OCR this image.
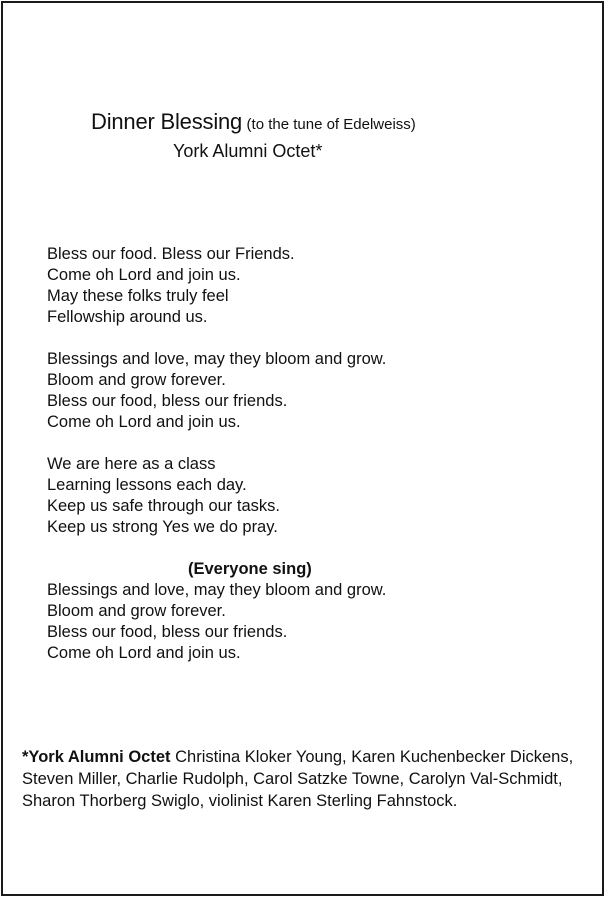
Dinner Blessing (to the tune of Edelweiss)
York Alumni Octet*
Bless our food. Bless our Friends.
Come oh Lord and join us.
May these folks truly feel
Fellowship around us.
Blessings and love, may they bloom and grow.
Bloom and grow forever.
Bless our food, bless our friends.
Come oh Lord and join us.
We are here as a class
Learning lessons each day.
Keep us safe through our tasks.
Keep us strong Yes we do pray.
(Everyone sing)
Blessings and love, may they bloom and grow.
Bloom and grow forever.
Bless our food, bless our friends.
Come oh Lord and join us.
*York Alumni Octet Christina Kloker Young, Karen Kuchenbecker Dickens, Steven Miller, Charlie Rudolph, Carol Satzke Towne, Carolyn Val-Schmidt, Sharon Thorberg Swiglo, violinist Karen Sterling Fahnstock.
